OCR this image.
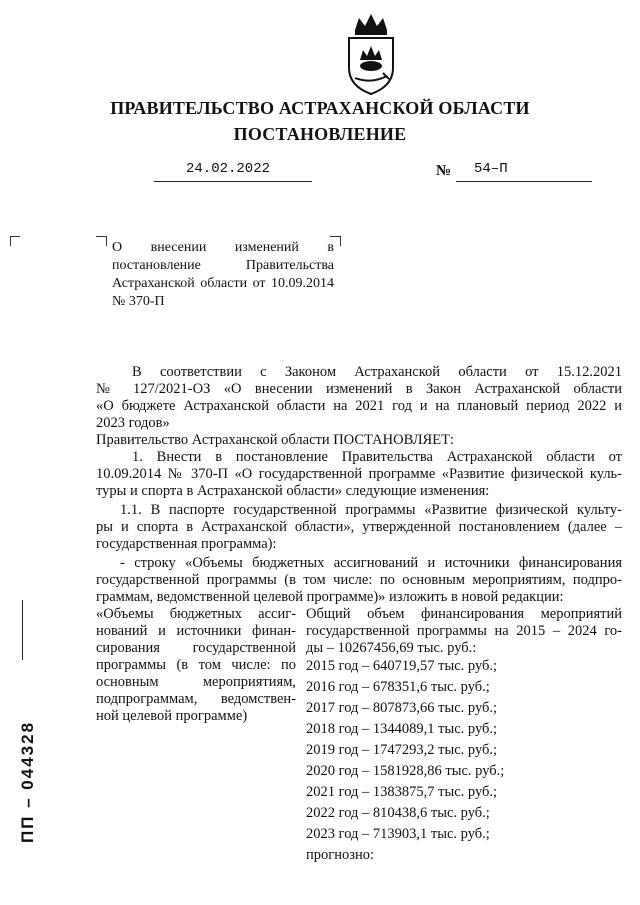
ПРАВИТЕЛЬСТВО АСТРАХАНСКОЙ ОБЛАСТИ
ПОСТАНОВЛЕНИЕ
24.02.2022	№ 54–П
О внесении изменений в постановление Правительства Астраханской области от 10.09.2014 № 370-П
В соответствии с Законом Астраханской области от 15.12.2021
№ 127/2021-ОЗ «О внесении изменений в Закон Астраханской области
«О бюджете Астраханской области на 2021 год и на плановый период 2022 и
2023 годов»
Правительство Астраханской области ПОСТАНОВЛЯЕТ:
1. Внести в постановление Правительства Астраханской области от
10.09.2014 № 370-П «О государственной программе «Развитие физической куль-
туры и спорта в Астраханской области» следующие изменения:
1.1. В паспорте государственной программы «Развитие физической культу-
ры и спорта в Астраханской области», утвержденной постановлением (далее –
государственная программа):
- строку «Объемы бюджетных ассигнований и источники финансирования
государственной программы (в том числе: по основным мероприятиям, подпро-
граммам, ведомственной целевой программе)» изложить в новой редакции:
«Объемы бюджетных ассиг-
нований и источники финан-
сирования государственной
программы (в том числе: по
основным мероприятиям,
подпрограммам, ведомствен-
ной целевой программе)
Общий объем финансирования мероприятий
государственной программы на 2015 – 2024 го-
ды – 10267456,69 тыс. руб.:
2015 год – 640719,57 тыс. руб.;
2016 год – 678351,6 тыс. руб.;
2017 год – 807873,66 тыс. руб.;
2018 год – 1344089,1 тыс. руб.;
2019 год – 1747293,2 тыс. руб.;
2020 год – 1581928,86 тыс. руб.;
2021 год – 1383875,7 тыс. руб.;
2022 год – 810438,6 тыс. руб.;
2023 год – 713903,1 тыс. руб.;
прогнозно:
ПП – 044328
